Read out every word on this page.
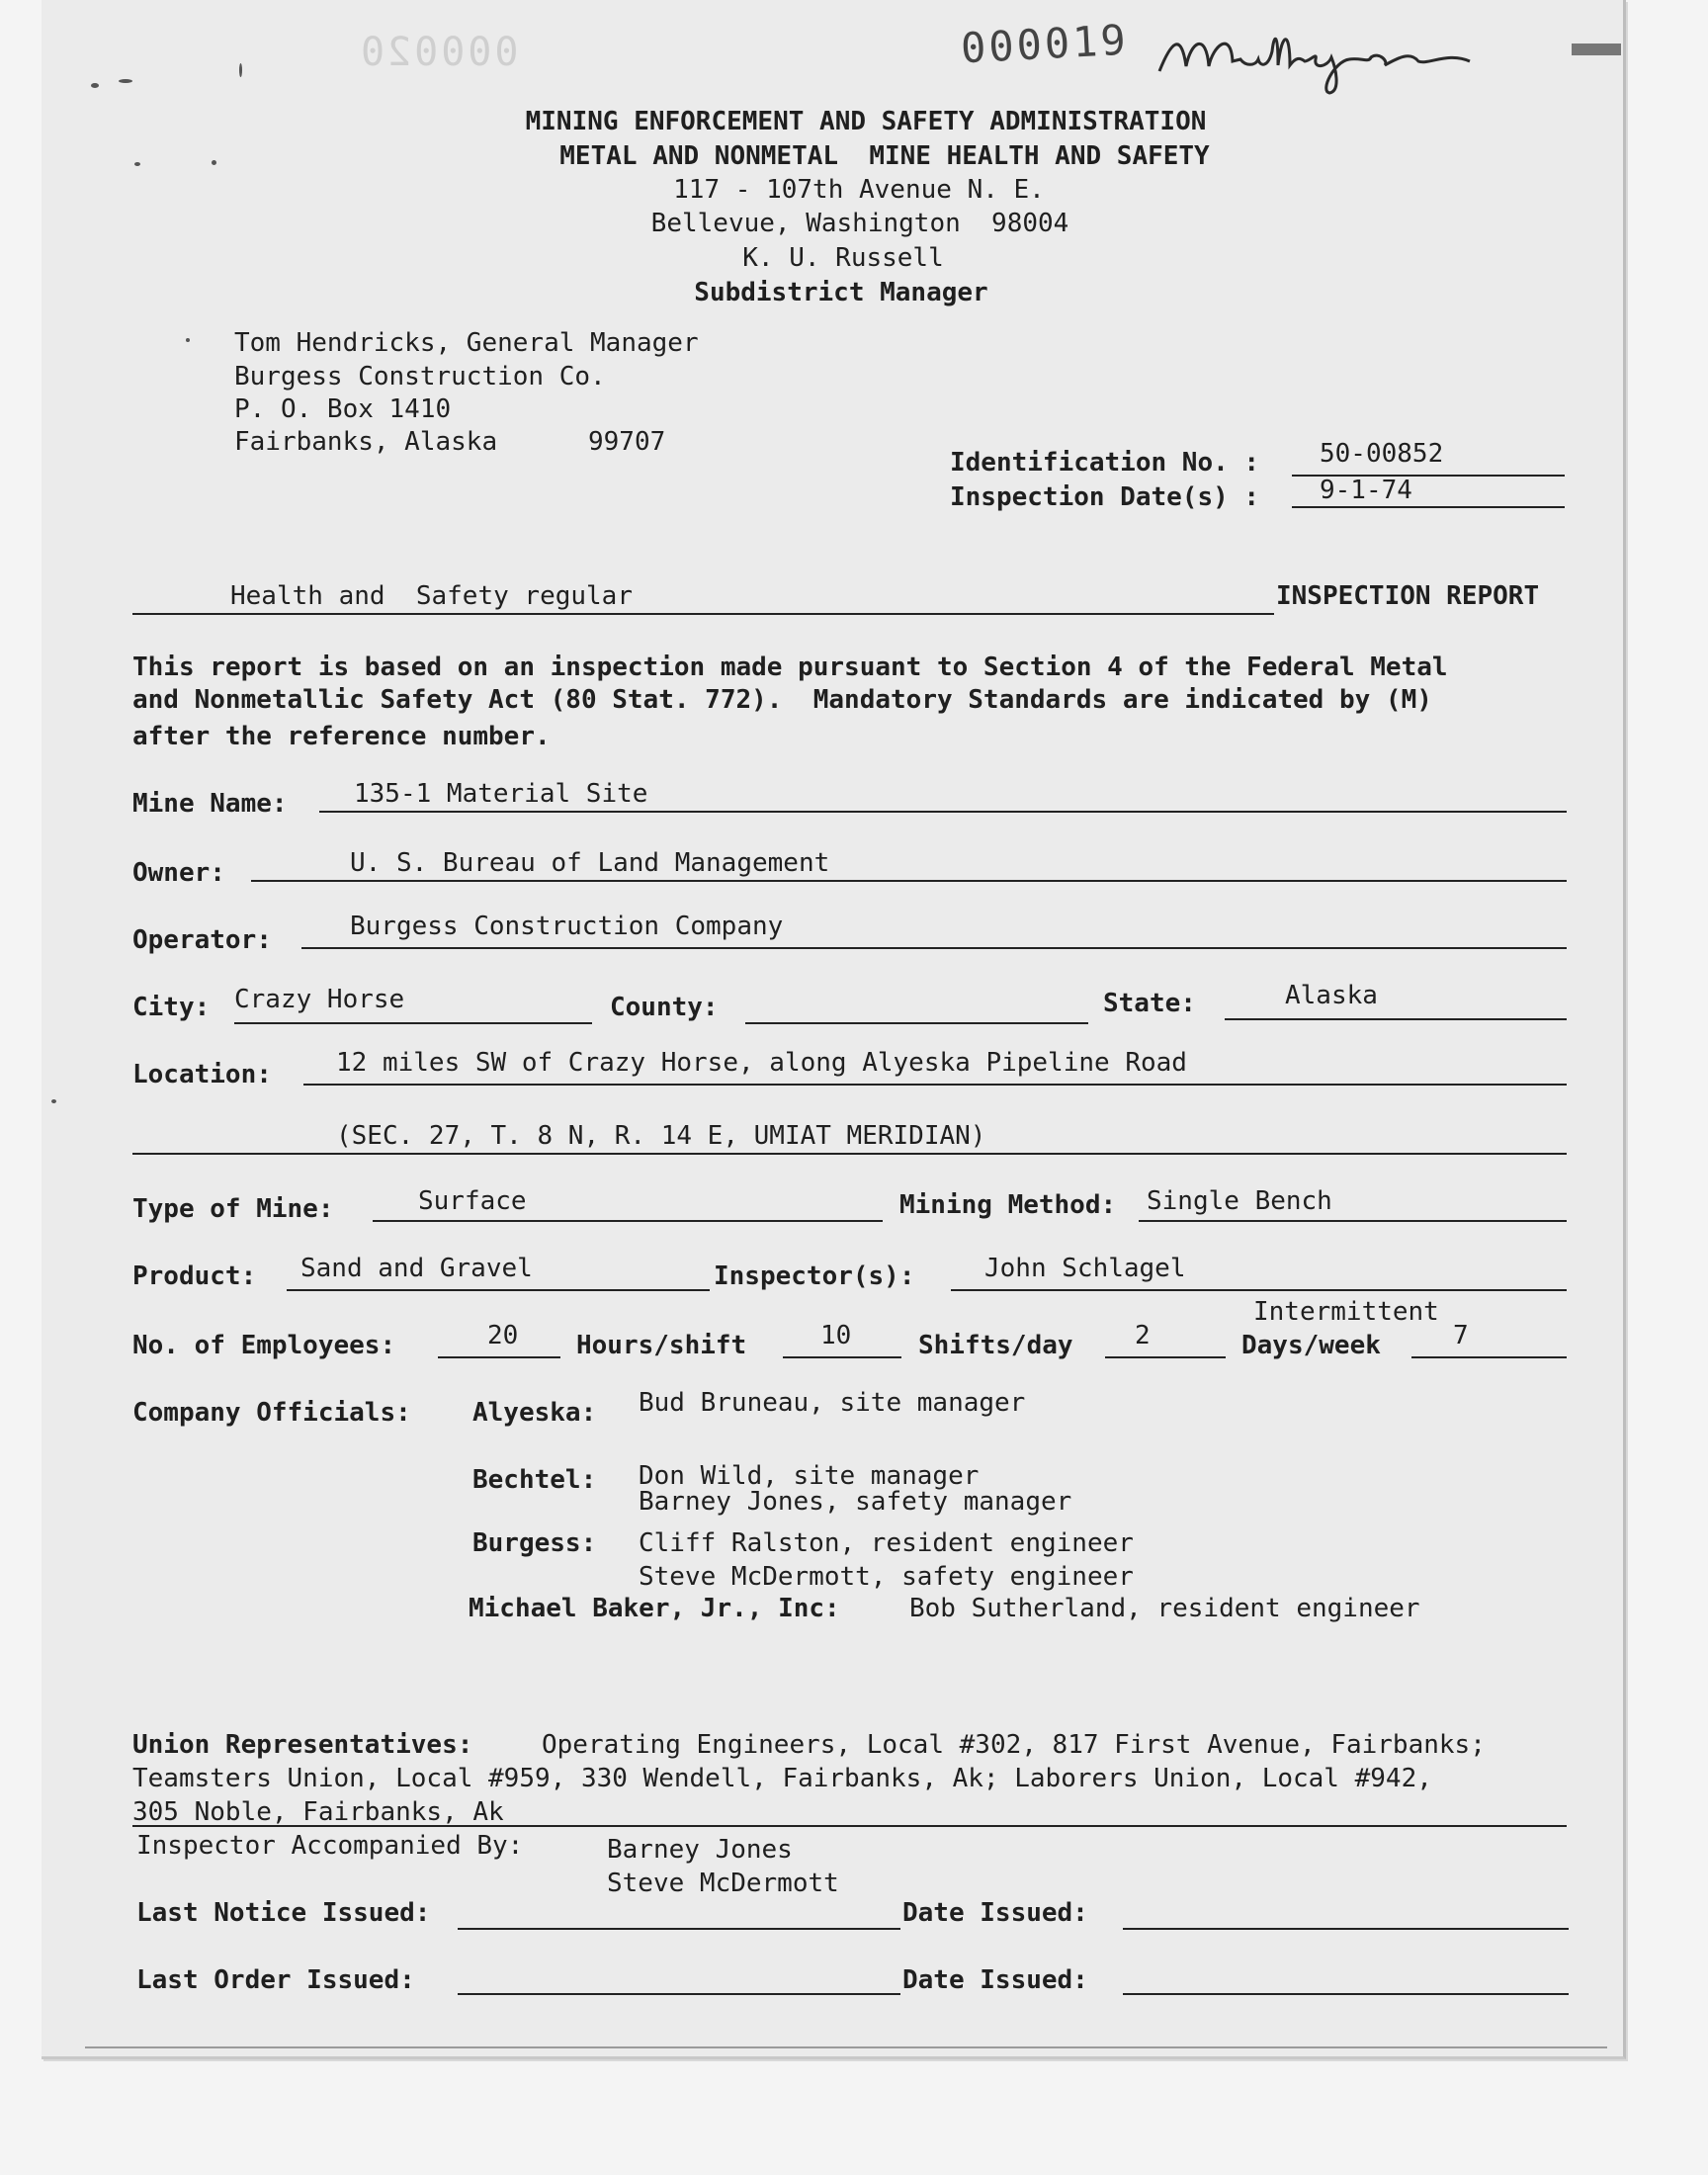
000020	000019
MINING ENFORCEMENT AND SAFETY ADMINISTRATION
METAL AND NONMETAL  MINE HEALTH AND SAFETY
117 - 107th Avenue N. E.
Bellevue, Washington  98004
K. U. Russell
Subdistrict Manager
Tom Hendricks, General Manager
Burgess Construction Co.
P. O. Box 1410
Fairbanks, Alaska	99707
Identification No. : 50-00852
Inspection Date(s) : 9-1-74
Health and  Safety regular	INSPECTION REPORT
This report is based on an inspection made pursuant to Section 4 of the Federal Metal
and Nonmetallic Safety Act (80 Stat. 772).  Mandatory Standards are indicated by (M)
after the reference number.
Mine Name:	135-1 Material Site
Owner:	U. S. Bureau of Land Management
Operator:	Burgess Construction Company
City: Crazy Horse	County:	State:	Alaska
Location:	12 miles SW of Crazy Horse, along Alyeska Pipeline Road
(SEC. 27, T. 8 N, R. 14 E, UMIAT MERIDIAN)
Type of Mine:	Surface	Mining Method: Single Bench
Product: Sand and Gravel	Inspector(s):	John Schlagel
No. of Employees:	20 Hours/shift	10	Shifts/day 2
Intermittent
Days/week	7
Company Officials: Alyeska: Bud Bruneau, site manager
Bechtel: Don Wild, site manager
Barney Jones, safety manager
Burgess: Cliff Ralston, resident engineer
Steve McDermott, safety engineer
Michael Baker, Jr., Inc:	Bob Sutherland, resident engineer
Union Representatives:	Operating Engineers, Local #302, 817 First Avenue, Fairbanks;
Teamsters Union, Local #959, 330 Wendell, Fairbanks, Ak; Laborers Union, Local #942,
305 Noble, Fairbanks, Ak
Inspector Accompanied By:	Barney Jones
Steve McDermott
Last Notice Issued:	Date Issued:
Last Order Issued:	Date Issued:
